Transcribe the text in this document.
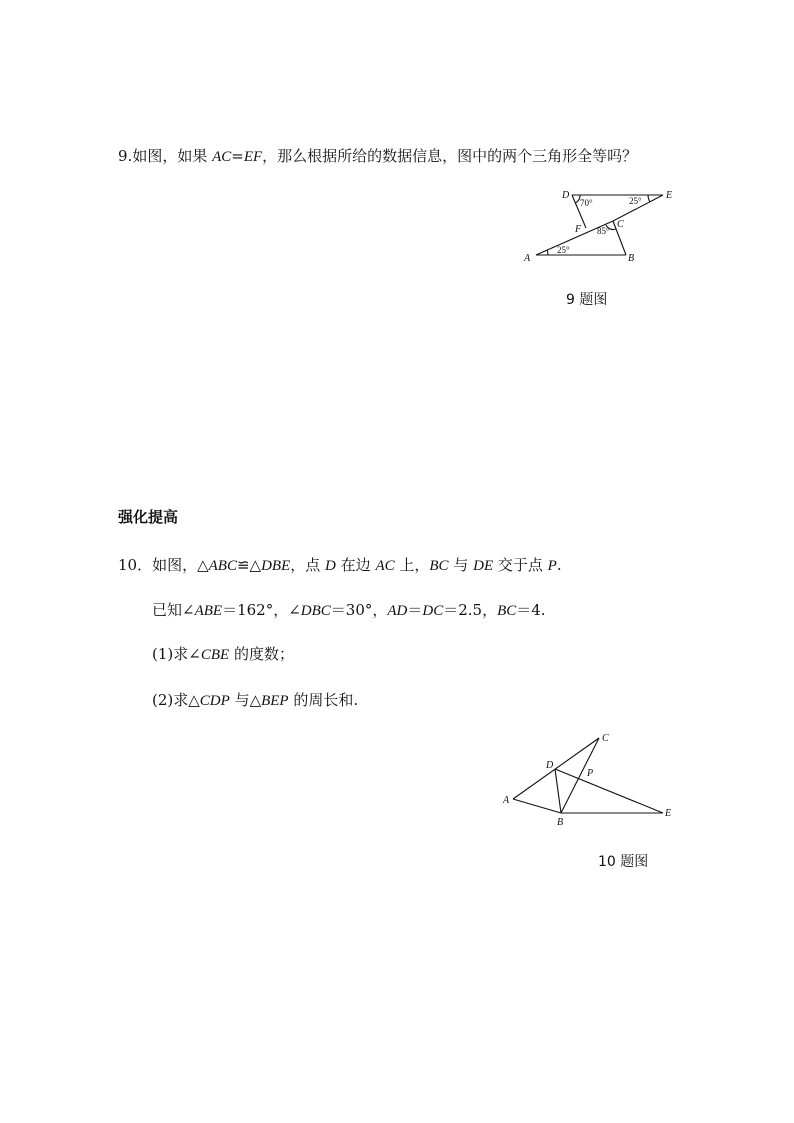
9.如图，如果 AC=EF，那么根据所给的数据信息，图中的两个三角形全等吗？
D	E
F	C
A	B
70°	25°
85°
25°
9 题图
强化提高
10．如图，△ABC≌△DBE，点 D 在边 AC 上，BC 与 DE 交于点 P.
已知∠ABE＝162°，∠DBC＝30°，AD＝DC＝2.5，BC＝4.
(1)求∠CBE 的度数；
(2)求△CDP 与△BEP 的周长和.
C
D
P
A
B
E
10 题图
